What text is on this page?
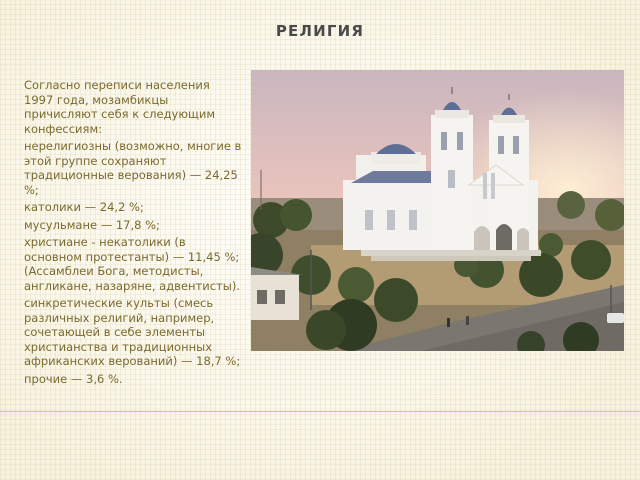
РЕЛИГИЯ

Согласно переписи населения 1997 года, мозамбикцы причисляют себя к следующим конфессиям:

нерелигиозны (возможно, многие в этой группе сохраняют традиционные верования) — 24,25 %;

католики — 24,2 %;

мусульмане — 17,8 %;

христиане - некатолики (в основном протестанты) — 11,45 %; (Ассамблеи Бога, методисты, англикане, назаряне, адвентисты).

синкретические культы (смесь различных религий, например, сочетающей в себе элементы христианства и традиционных африканских верований) — 18,7 %;

прочие — 3,6 %.
